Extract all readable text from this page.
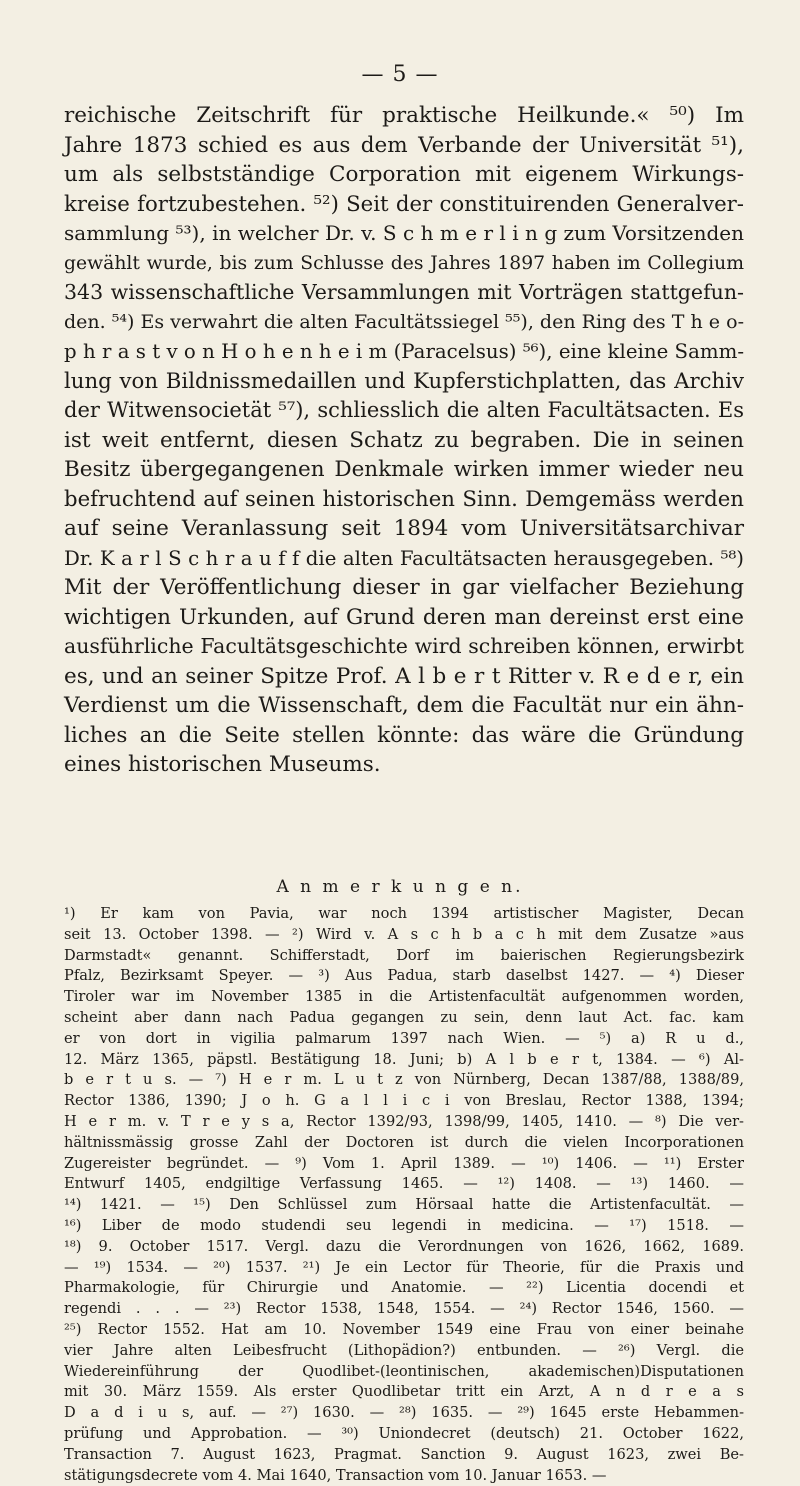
— 5 —
reichische Zeitschrift für praktische Heilkunde.« ⁵⁰) Im
Jahre 1873 schied es aus dem Verbande der Universität ⁵¹),
um als selbstständige Corporation mit eigenem Wirkungs-
kreise fortzubestehen. ⁵²) Seit der constituirenden Generalver-
sammlung ⁵³), in welcher Dr. v. S c h m e r l i n g zum Vorsitzenden
gewählt wurde, bis zum Schlusse des Jahres 1897 haben im Collegium
343 wissenschaftliche Versammlungen mit Vorträgen stattgefun-
den. ⁵⁴) Es verwahrt die alten Facultätssiegel ⁵⁵), den Ring des T h e o-
p h r a s t v o n H o h e n h e i m (Paracelsus) ⁵⁶), eine kleine Samm-
lung von Bildnissmedaillen und Kupferstichplatten, das Archiv
der Witwensocietät ⁵⁷), schliesslich die alten Facultätsacten. Es
ist weit entfernt, diesen Schatz zu begraben. Die in seinen
Besitz übergegangenen Denkmale wirken immer wieder neu
befruchtend auf seinen historischen Sinn. Demgemäss werden
auf seine Veranlassung seit 1894 vom Universitätsarchivar
Dr. K a r l S c h r a u f f die alten Facultätsacten herausgegeben. ⁵⁸)
Mit der Veröffentlichung dieser in gar vielfacher Beziehung
wichtigen Urkunden, auf Grund deren man dereinst erst eine
ausführliche Facultätsgeschichte wird schreiben können, erwirbt
es, und an seiner Spitze Prof. A l b e r t Ritter v. R e d e r, ein
Verdienst um die Wissenschaft, dem die Facultät nur ein ähn-
liches an die Seite stellen könnte: das wäre die Gründung
eines historischen Museums.
A n m e r k u n g e n.
¹) Er kam von Pavia, war noch 1394 artistischer Magister, Decan
seit 13. October 1398. — ²) Wird v. A s c h b a c h mit dem Zusatze »aus
Darmstadt« genannt. Schifferstadt, Dorf im baierischen Regierungsbezirk
Pfalz, Bezirksamt Speyer. — ³) Aus Padua, starb daselbst 1427. — ⁴) Dieser
Tiroler war im November 1385 in die Artistenfacultät aufgenommen worden,
scheint aber dann nach Padua gegangen zu sein, denn laut Act. fac. kam
er von dort in vigilia palmarum 1397 nach Wien. — ⁵) a) R u d.,
12. März 1365, päpstl. Bestätigung 18. Juni; b) A l b e r t, 1384. — ⁶) Al-
b e r t u s. — ⁷) H e r m. L u t z von Nürnberg, Decan 1387/88, 1388/89,
Rector 1386, 1390; J o h. G a l l i c i von Breslau, Rector 1388, 1394;
H e r m. v. T r e y s a, Rector 1392/93, 1398/99, 1405, 1410. — ⁸) Die ver-
hältnissmässig grosse Zahl der Doctoren ist durch die vielen Incorporationen
Zugereister begründet. — ⁹) Vom 1. April 1389. — ¹⁰) 1406. — ¹¹) Erster
Entwurf 1405, endgiltige Verfassung 1465. — ¹²) 1408. — ¹³) 1460. —
¹⁴) 1421. — ¹⁵) Den Schlüssel zum Hörsaal hatte die Artistenfacultät. —
¹⁶) Liber de modo studendi seu legendi in medicina. — ¹⁷) 1518. —
¹⁸) 9. October 1517. Vergl. dazu die Verordnungen von 1626, 1662, 1689.
— ¹⁹) 1534. — ²⁰) 1537. ²¹) Je ein Lector für Theorie, für die Praxis und
Pharmakologie, für Chirurgie und Anatomie. — ²²) Licentia docendi et
regendi . . . — ²³) Rector 1538, 1548, 1554. — ²⁴) Rector 1546, 1560. —
²⁵) Rector 1552. Hat am 10. November 1549 eine Frau von einer beinahe
vier Jahre alten Leibesfrucht (Lithopädion?) entbunden. — ²⁶) Vergl. die
Wiedereinführung der Quodlibet-(leontinischen, akademischen)Disputationen
mit 30. März 1559. Als erster Quodlibetar tritt ein Arzt, A n d r e a s
D a d i u s, auf. — ²⁷) 1630. — ²⁸) 1635. — ²⁹) 1645 erste Hebammen-
prüfung und Approbation. — ³⁰) Uniondecret (deutsch) 21. October 1622,
Transaction 7. August 1623, Pragmat. Sanction 9. August 1623, zwei Be-
stätigungsdecrete vom 4. Mai 1640, Transaction vom 10. Januar 1653. —
